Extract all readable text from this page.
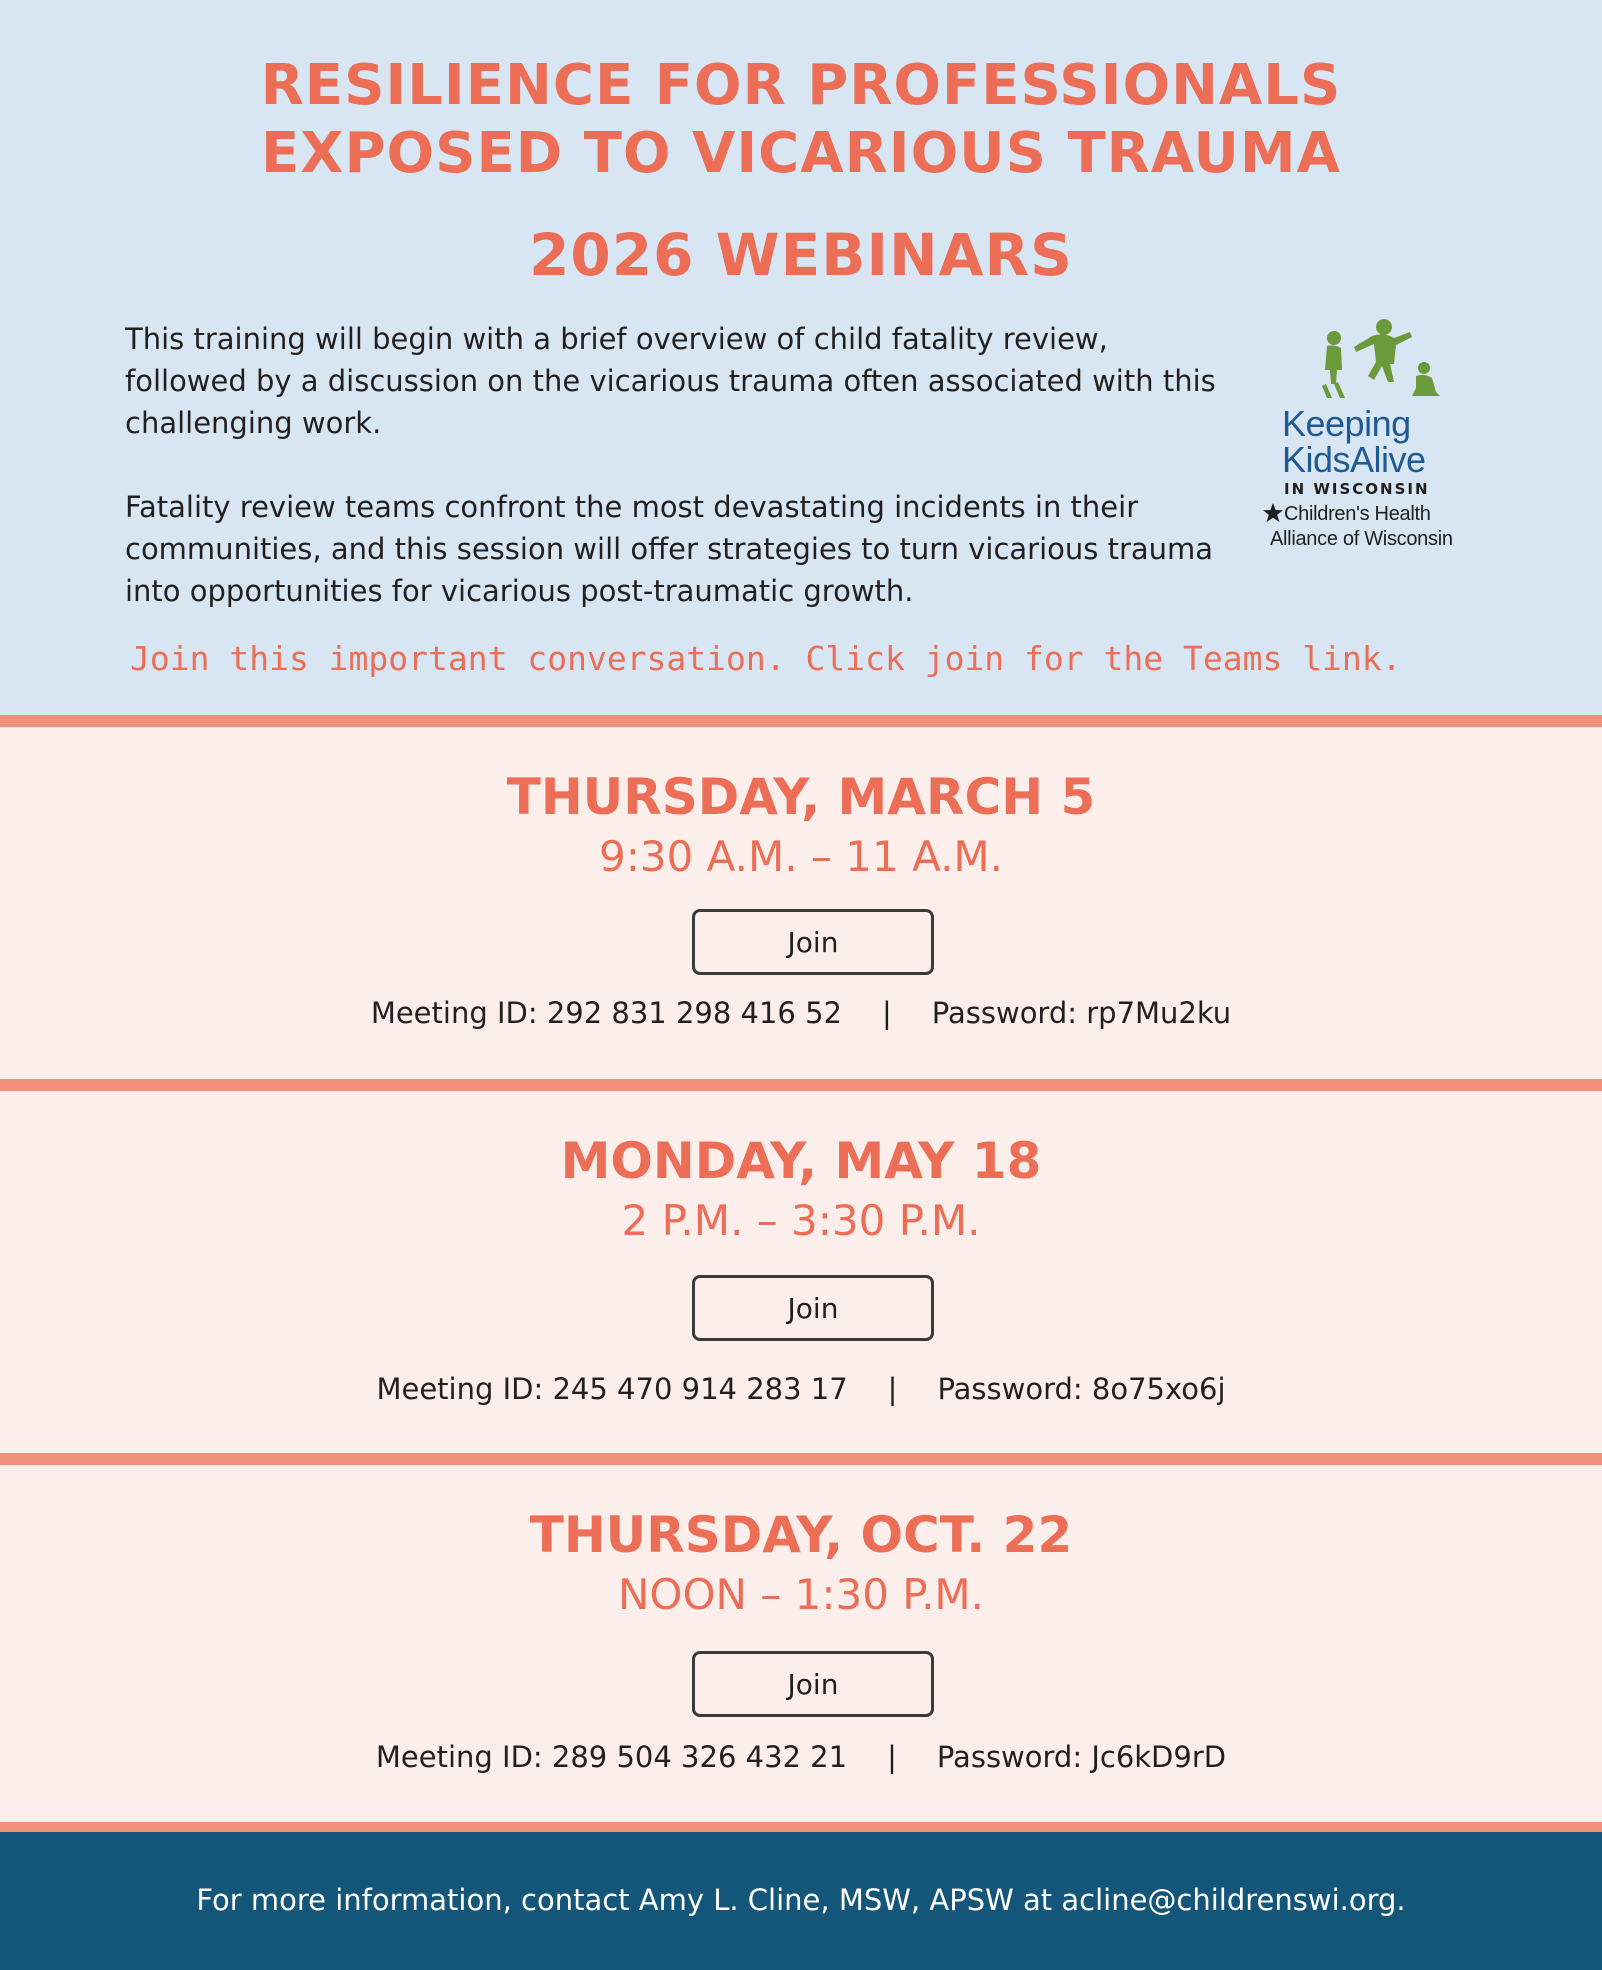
RESILIENCE FOR PROFESSIONALS
EXPOSED TO VICARIOUS TRAUMA
2026 WEBINARS

This training will begin with a brief overview of child fatality review, followed by a discussion on the vicarious trauma often associated with this challenging work.

Fatality review teams confront the most devastating incidents in their communities, and this session will offer strategies to turn vicarious trauma into opportunities for vicarious post-traumatic growth.

Keeping
KidsAlive
IN WISCONSIN
Children's Health
Alliance of Wisconsin
Join this important conversation. Click join for the Teams link.
THURSDAY, MARCH 5
9:30 A.M. – 11 A.M.
Join
Meeting ID: 292 831 298 416 52 | Password: rp7Mu2ku
MONDAY, MAY 18
2 P.M. – 3:30 P.M.
Join
Meeting ID: 245 470 914 283 17 | Password: 8o75xo6j
THURSDAY, OCT. 22
NOON – 1:30 P.M.
Join
Meeting ID: 289 504 326 432 21 | Password: Jc6kD9rD
For more information, contact Amy L. Cline, MSW, APSW at acline@childrenswi.org.
